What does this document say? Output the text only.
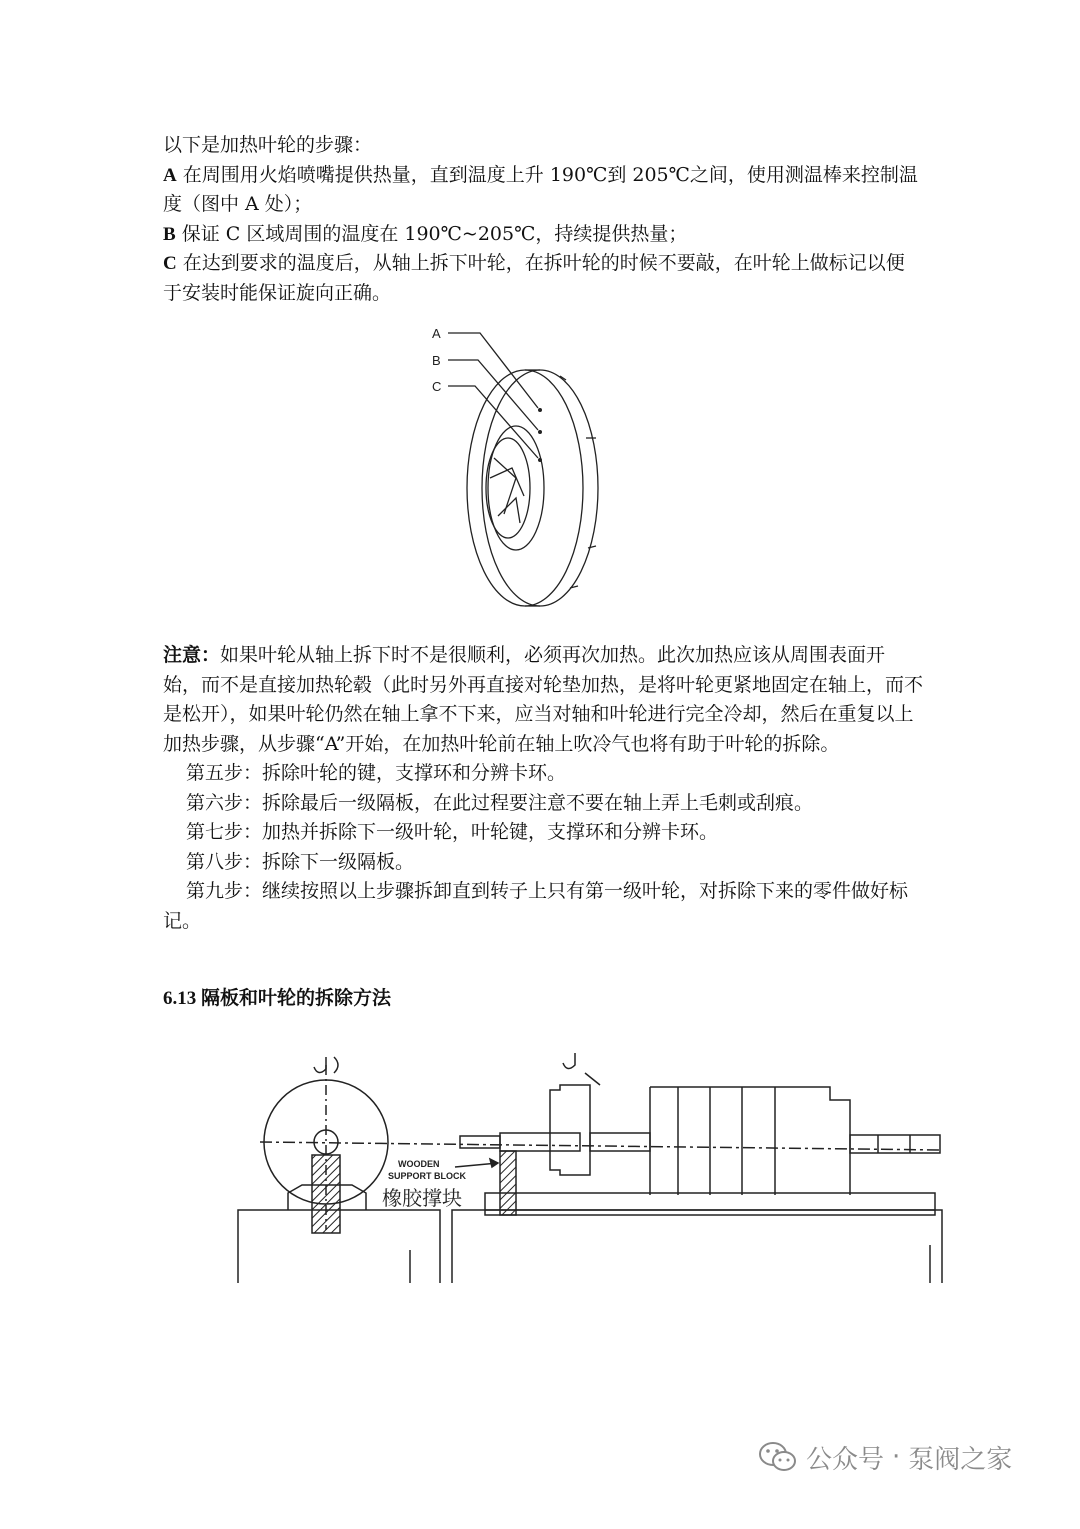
以下是加热叶轮的步骤：

A 在周围用火焰喷嘴提供热量，直到温度上升 190℃到 205℃之间，使用测温棒来控制温度（图中 A 处）；

B 保证 C 区域周围的温度在 190℃~205℃，持续提供热量；

C 在达到要求的温度后，从轴上拆下叶轮，在拆叶轮的时候不要敲，在叶轮上做标记以便于安装时能保证旋向正确。

A
B
C

注意：如果叶轮从轴上拆下时不是很顺利，必须再次加热。此次加热应该从周围表面开始，而不是直接加热轮毂（此时另外再直接对轮垫加热，是将叶轮更紧地固定在轴上，而不是松开），如果叶轮仍然在轴上拿不下来，应当对轴和叶轮进行完全冷却，然后在重复以上加热步骤，从步骤“A”开始，在加热叶轮前在轴上吹冷气也将有助于叶轮的拆除。

第五步：拆除叶轮的键，支撑环和分辨卡环。

第六步：拆除最后一级隔板，在此过程要注意不要在轴上弄上毛刺或刮痕。

第七步：加热并拆除下一级叶轮，叶轮键，支撑环和分辨卡环。

第八步：拆除下一级隔板。

第九步：继续按照以上步骤拆卸直到转子上只有第一级叶轮，对拆除下来的零件做好标记。

6.13 隔板和叶轮的拆除方法
WOODEN
SUPPORT BLOCK
橡胶撑块
公众号 · 泵阀之家
